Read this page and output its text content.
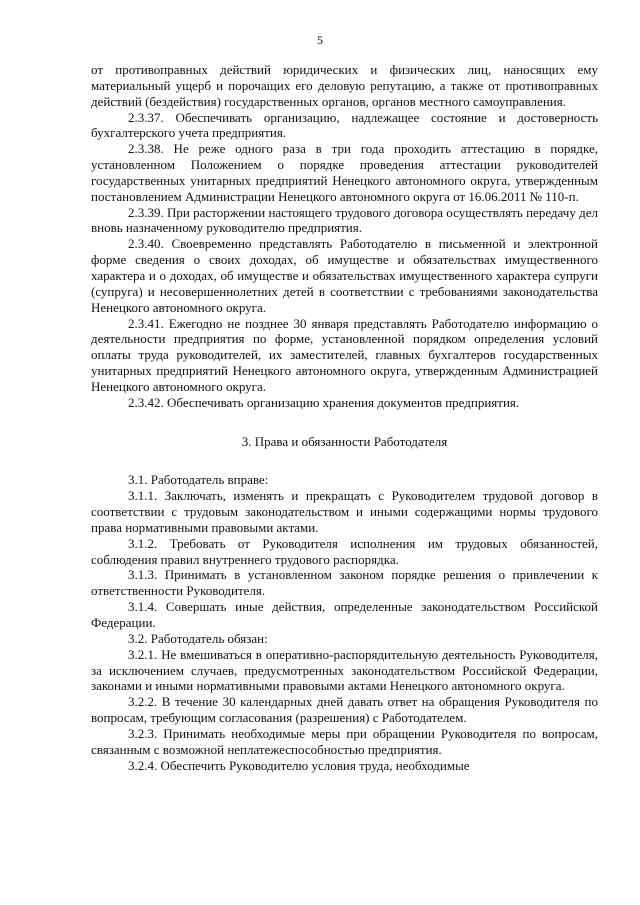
5

от противоправных действий юридических и физических лиц, наносящих ему материальный ущерб и порочащих его деловую репутацию, а также от противоправных действий (бездействия) государственных органов, органов местного самоуправления.

2.3.37. Обеспечивать организацию, надлежащее состояние и достоверность бухгалтерского учета предприятия.

2.3.38. Не реже одного раза в три года проходить аттестацию в порядке, установленном Положением о порядке проведения аттестации руководителей государственных унитарных предприятий Ненецкого автономного округа, утвержденным постановлением Администрации Ненецкого автономного округа от 16.06.2011 № 110-п.

2.3.39. При расторжении настоящего трудового договора осуществлять передачу дел вновь назначенному руководителю предприятия.

2.3.40. Своевременно представлять Работодателю в письменной и электронной форме сведения о своих доходах, об имуществе и обязательствах имущественного характера и о доходах, об имуществе и обязательствах имущественного характера супруги (супруга) и несовершеннолетних детей в соответствии с требованиями законодательства Ненецкого автономного округа.

2.3.41. Ежегодно не позднее 30 января представлять Работодателю информацию о деятельности предприятия по форме, установленной порядком определения условий оплаты труда руководителей, их заместителей, главных бухгалтеров государственных унитарных предприятий Ненецкого автономного округа, утвержденным Администрацией Ненецкого автономного округа.

2.3.42. Обеспечивать организацию хранения документов предприятия.

3. Права и обязанности Работодателя

3.1. Работодатель вправе:

3.1.1. Заключать, изменять и прекращать с Руководителем трудовой договор в соответствии с трудовым законодательством и иными содержащими нормы трудового права нормативными правовыми актами.

3.1.2. Требовать от Руководителя исполнения им трудовых обязанностей, соблюдения правил внутреннего трудового распорядка.

3.1.3. Принимать в установленном законом порядке решения о привлечении к ответственности Руководителя.

3.1.4. Совершать иные действия, определенные законодательством Российской Федерации.

3.2. Работодатель обязан:

3.2.1. Не вмешиваться в оперативно-распорядительную деятельность Руководителя, за исключением случаев, предусмотренных законодательством Российской Федерации, законами и иными нормативными правовыми актами Ненецкого автономного округа.

3.2.2. В течение 30 календарных дней давать ответ на обращения Руководителя по вопросам, требующим согласования (разрешения) с Работодателем.

3.2.3. Принимать необходимые меры при обращении Руководителя по вопросам, связанным с возможной неплатежеспособностью предприятия.

3.2.4. Обеспечить Руководителю условия труда, необходимые
